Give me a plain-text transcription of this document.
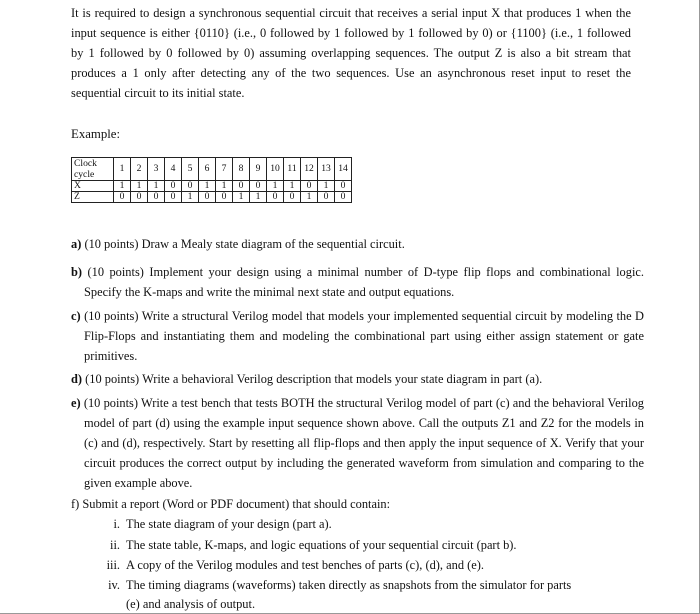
It is required to design a synchronous sequential circuit that receives a serial input X that produces 1 when the input sequence is either {0110} (i.e., 0 followed by 1 followed by 1 followed by 0) or {1100} (i.e., 1 followed by 1 followed by 0 followed by 0) assuming overlapping sequences. The output Z is also a bit stream that produces a 1 only after detecting any of the two sequences. Use an asynchronous reset input to reset the sequential circuit to its initial state.

Example:

Clock cycle	1	2	3	4	5	6	7	8	9	10	11	12	13	14
X	1	1	1	0	0	1	1	0	0	1	1	0	1	0
Z	0	0	0	0	1	0	0	1	1	0	0	1	0	0

a) (10 points) Draw a Mealy state diagram of the sequential circuit.

b) (10 points) Implement your design using a minimal number of D-type flip flops and combinational logic. Specify the K-maps and write the minimal next state and output equations.

c) (10 points) Write a structural Verilog model that models your implemented sequential circuit by modeling the D Flip-Flops and instantiating them and modeling the combinational part using either assign statement or gate primitives.

d) (10 points) Write a behavioral Verilog description that models your state diagram in part (a).

e) (10 points) Write a test bench that tests BOTH the structural Verilog model of part (c) and the behavioral Verilog model of part (d) using the example input sequence shown above. Call the outputs Z1 and Z2 for the models in (c) and (d), respectively. Start by resetting all flip-flops and then apply the input sequence of X. Verify that your circuit produces the correct output by including the generated waveform from simulation and comparing to the given example above.

f) Submit a report (Word or PDF document) that should contain:

i. The state diagram of your design (part a).

ii. The state table, K-maps, and logic equations of your sequential circuit (part b).

iii. A copy of the Verilog modules and test benches of parts (c), (d), and (e).

iv. The timing diagrams (waveforms) taken directly as snapshots from the simulator for parts

(e) and analysis of output.
